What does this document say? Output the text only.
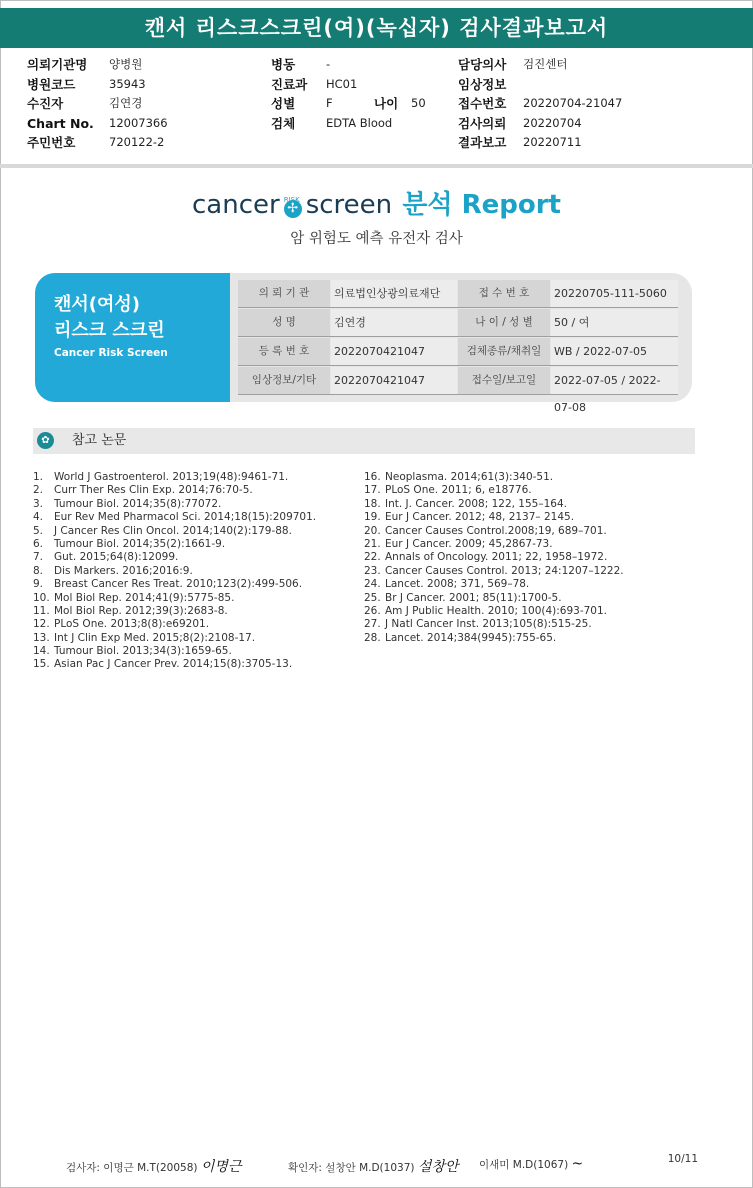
캔서 리스크스크린(여)(녹십자) 검사결과보고서
의뢰기관명 양병원
병원코드	35943
수진자	김연경
Chart No. 12007366
주민번호	720122-2
병동	-
진료과 HC01
성별	F	나이 50
검체	EDTA Blood
담당의사 검진센터
임상정보
접수번호 20220704-21047
검사의뢰 20220704
결과보고 20220711
cancer RISK
✢ screen 분석 Report
암 위험도 예측 유전자 검사
캔서(여성)
리스크 스크린
Cancer Risk Screen
의 뢰 기 관	의료법인상광의료재단	접 수 번 호	20220705-111-5060
성 명	김연경	나 이 / 성 별	50 / 여
등 록 번 호	2022070421047	검체종류/채취일	WB / 2022-07-05
임상정보/기타	2022070421047	접수일/보고일	2022-07-05 / 2022-07-08
✿	참고 논문
1. World J Gastroenterol. 2013;19(48):9461-71.
2. Curr Ther Res Clin Exp. 2014;76:70-5.
3. Tumour Biol. 2014;35(8):77072.
4. Eur Rev Med Pharmacol Sci. 2014;18(15):209701.
5. J Cancer Res Clin Oncol. 2014;140(2):179-88.
6. Tumour Biol. 2014;35(2):1661-9.
7. Gut. 2015;64(8):12099.
8. Dis Markers. 2016;2016:9.
9. Breast Cancer Res Treat. 2010;123(2):499-506.
10. Mol Biol Rep. 2014;41(9):5775-85.
11. Mol Biol Rep. 2012;39(3):2683-8.
12. PLoS One. 2013;8(8):e69201.
13. Int J Clin Exp Med. 2015;8(2):2108-17.
14. Tumour Biol. 2013;34(3):1659-65.
15. Asian Pac J Cancer Prev. 2014;15(8):3705-13.
16. Neoplasma. 2014;61(3):340-51.
17. PLoS One. 2011; 6, e18776.
18. Int. J. Cancer. 2008; 122, 155–164.
19. Eur J Cancer. 2012; 48, 2137– 2145.
20. Cancer Causes Control.2008;19, 689–701.
21. Eur J Cancer. 2009; 45,2867-73.
22. Annals of Oncology. 2011; 22, 1958–1972.
23. Cancer Causes Control. 2013; 24:1207–1222.
24. Lancet. 2008; 371, 569–78.
25. Br J Cancer. 2001; 85(11):1700-5.
26. Am J Public Health. 2010; 100(4):693-701.
27. J Natl Cancer Inst. 2013;105(8):515-25.
28. Lancet. 2014;384(9945):755-65.
검사자: 이명근 M.T(20058) 이명근	확인자: 설창안 M.D(1037) 설창안 이새미 M.D(1067) ~	10/11
